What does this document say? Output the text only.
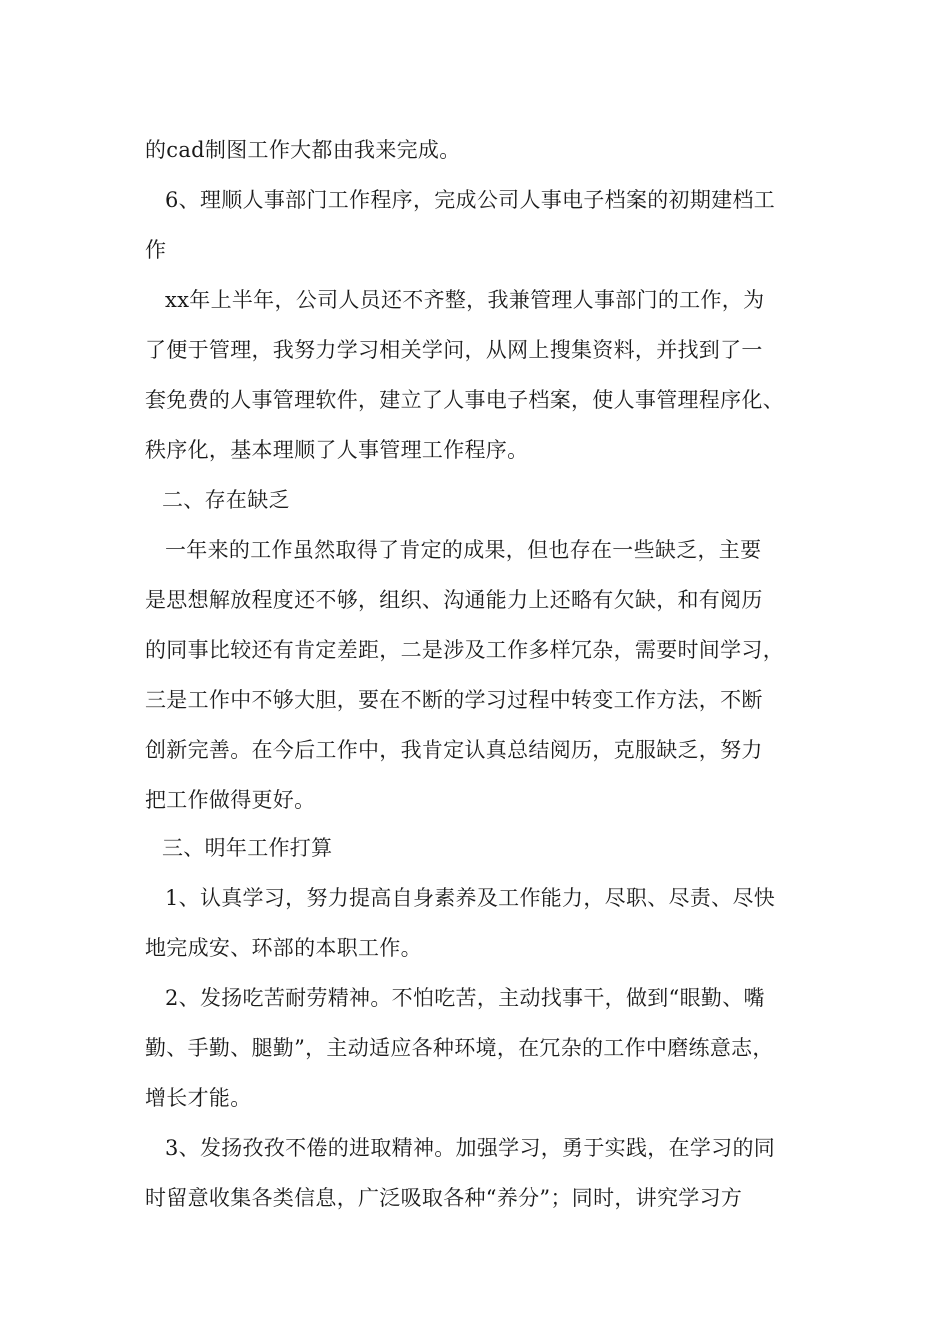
的cad制图工作大都由我来完成。
6、理顺人事部门工作程序，完成公司人事电子档案的初期建档工
作
xx年上半年，公司人员还不齐整，我兼管理人事部门的工作，为
了便于管理，我努力学习相关学问，从网上搜集资料，并找到了一
套免费的人事管理软件，建立了人事电子档案，使人事管理程序化、
秩序化，基本理顺了人事管理工作程序。
二、存在缺乏
一年来的工作虽然取得了肯定的成果，但也存在一些缺乏，主要
是思想解放程度还不够，组织、沟通能力上还略有欠缺，和有阅历
的同事比较还有肯定差距，二是涉及工作多样冗杂，需要时间学习，
三是工作中不够大胆，要在不断的学习过程中转变工作方法，不断
创新完善。在今后工作中，我肯定认真总结阅历，克服缺乏，努力
把工作做得更好。
三、明年工作打算
1、认真学习，努力提高自身素养及工作能力，尽职、尽责、尽快
地完成安、环部的本职工作。
2、发扬吃苦耐劳精神。不怕吃苦，主动找事干，做到“眼勤、嘴
勤、手勤、腿勤”，主动适应各种环境，在冗杂的工作中磨练意志，
增长才能。
3、发扬孜孜不倦的进取精神。加强学习，勇于实践，在学习的同
时留意收集各类信息，广泛吸取各种“养分”；同时，讲究学习方
